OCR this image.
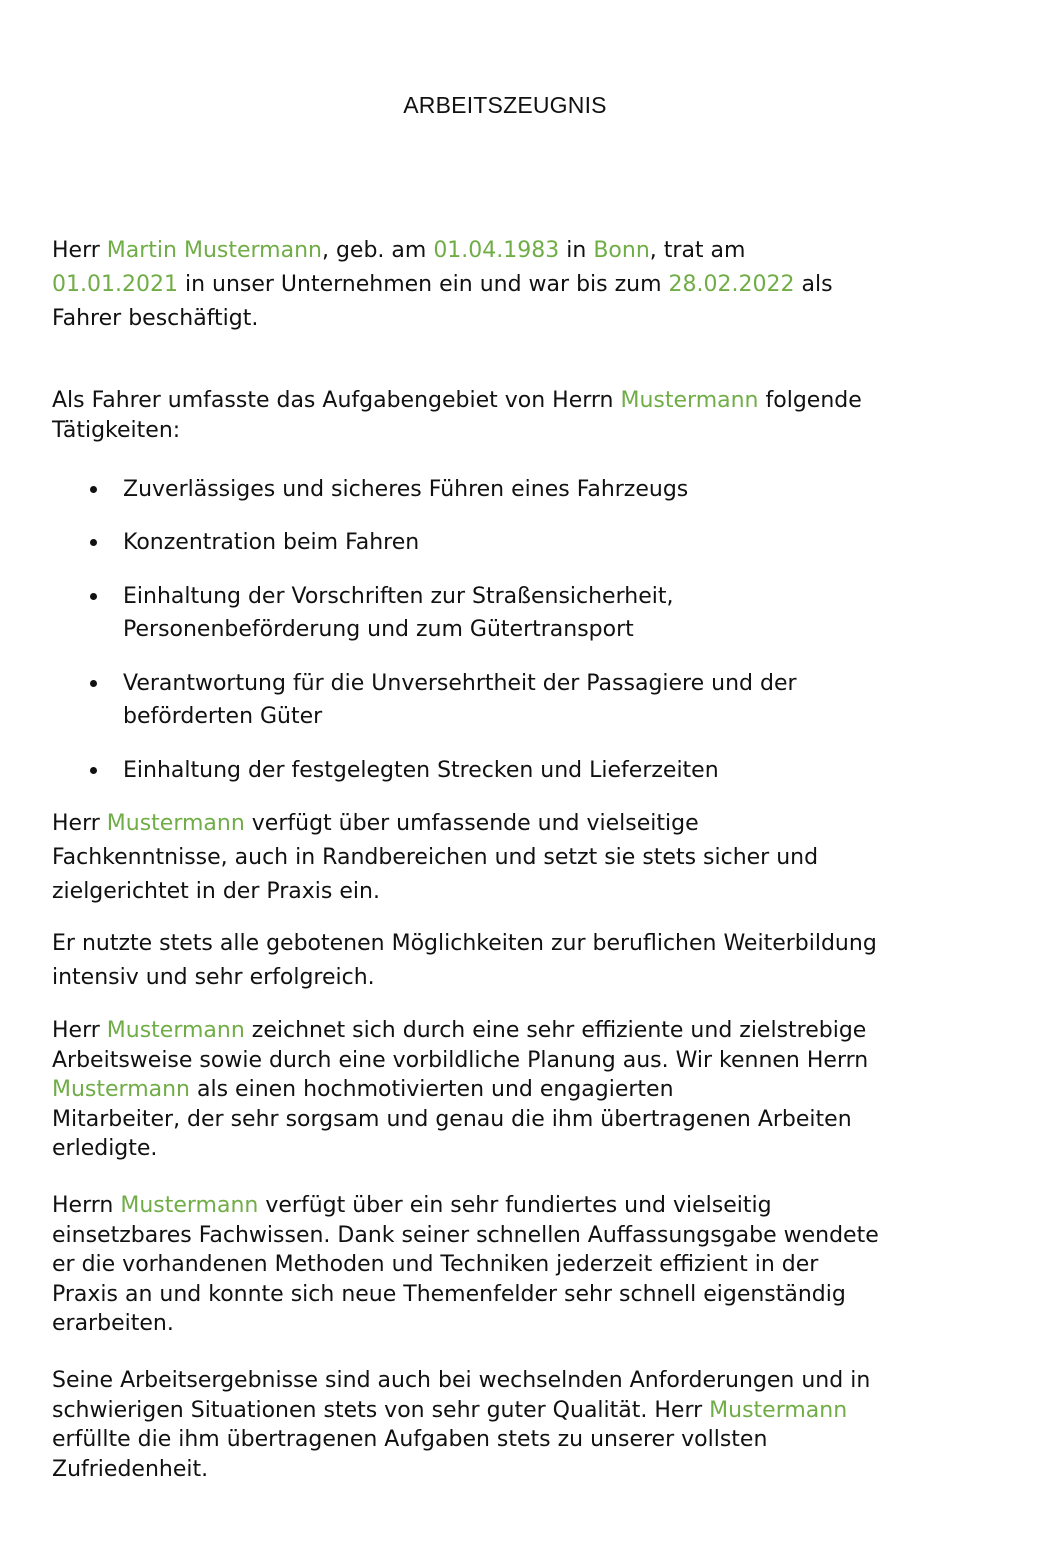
ARBEITSZEUGNIS
Herr Martin Mustermann, geb. am 01.04.1983 in Bonn, trat am
01.01.2021 in unser Unternehmen ein und war bis zum 28.02.2022 als
Fahrer beschäftigt.
Als Fahrer umfasste das Aufgabengebiet von Herrn Mustermann folgende
Tätigkeiten:
Zuverlässiges und sicheres Führen eines Fahrzeugs
Konzentration beim Fahren
Einhaltung der Vorschriften zur Straßensicherheit,
Personenbeförderung und zum Gütertransport
Verantwortung für die Unversehrtheit der Passagiere und der
beförderten Güter
Einhaltung der festgelegten Strecken und Lieferzeiten
Herr Mustermann verfügt über umfassende und vielseitige
Fachkenntnisse, auch in Randbereichen und setzt sie stets sicher und
zielgerichtet in der Praxis ein.
Er nutzte stets alle gebotenen Möglichkeiten zur beruflichen Weiterbildung
intensiv und sehr erfolgreich.
Herr Mustermann zeichnet sich durch eine sehr effiziente und zielstrebige
Arbeitsweise sowie durch eine vorbildliche Planung aus. Wir kennen Herrn
Mustermann als einen hochmotivierten und engagierten
Mitarbeiter, der sehr sorgsam und genau die ihm übertragenen Arbeiten
erledigte.
Herrn Mustermann verfügt über ein sehr fundiertes und vielseitig
einsetzbares Fachwissen. Dank seiner schnellen Auffassungsgabe wendete
er die vorhandenen Methoden und Techniken jederzeit effizient in der
Praxis an und konnte sich neue Themenfelder sehr schnell eigenständig
erarbeiten.
Seine Arbeitsergebnisse sind auch bei wechselnden Anforderungen und in
schwierigen Situationen stets von sehr guter Qualität. Herr Mustermann
erfüllte die ihm übertragenen Aufgaben stets zu unserer vollsten
Zufriedenheit.
